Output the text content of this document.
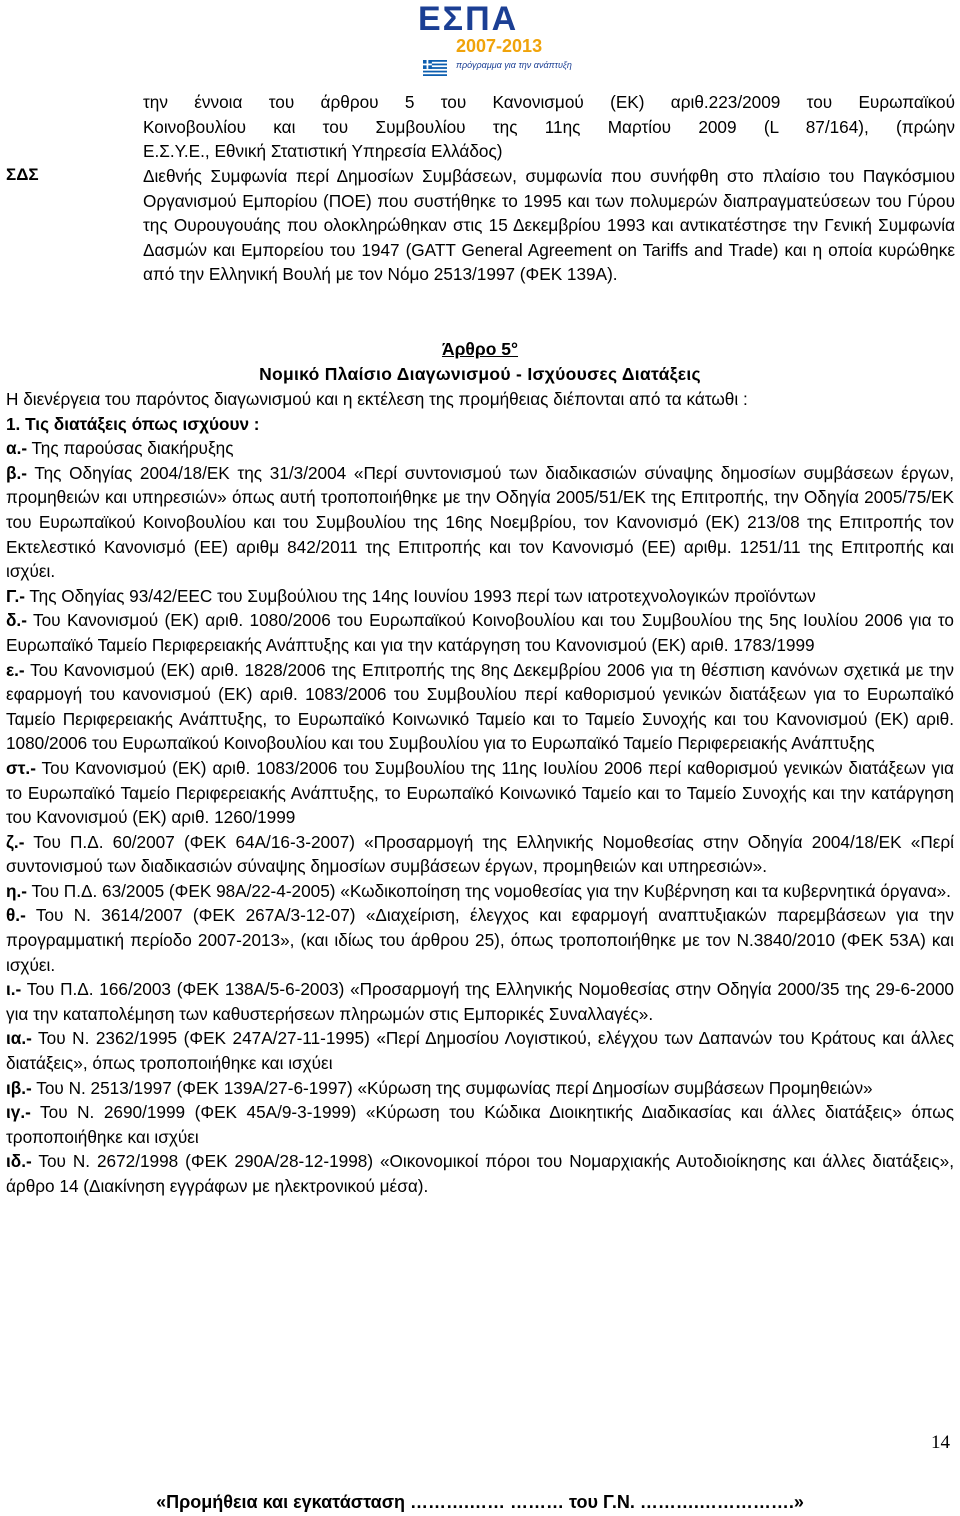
ΕΣΠΑ
2007-2013
πρόγραμμα για την ανάπτυξη
την έννοια του άρθρου 5 του Κανονισμού (ΕΚ) αριθ.223/2009 του Ευρωπαϊκού
Κοινοβουλίου και του Συμβουλίου της 11ης Μαρτίου 2009 (L 87/164), (πρώην
Ε.Σ.Υ.Ε., Εθνική Στατιστική Υπηρεσία Ελλάδος)
ΣΔΣ	Διεθνής Συμφωνία περί Δημοσίων Συμβάσεων, συμφωνία που συνήφθη στο πλαίσιο του Παγκόσμιου Οργανισμού Εμπορίου (ΠΟΕ) που συστήθηκε το 1995 και των πολυμερών διαπραγματεύσεων του Γύρου της Ουρουγουάης που ολοκληρώθηκαν στις 15 Δεκεμβρίου 1993 και αντικατέστησε την Γενική Συμφωνία Δασμών και Εμπορείου του 1947 (GATT General Agreement on Tariffs and Trade) και η οποία κυρώθηκε από την Ελληνική Βουλή με τον Νόμο 2513/1997 (ΦΕΚ 139Α).
Άρθρο 5°
Νομικό Πλαίσιο Διαγωνισμού - Ισχύουσες Διατάξεις
Η διενέργεια του παρόντος διαγωνισμού και η εκτέλεση της προμήθειας διέπονται από τα κάτωθι :
1. Τις διατάξεις όπως ισχύουν :
α.- Της παρούσας διακήρυξης
β.- Της Οδηγίας 2004/18/ΕΚ της 31/3/2004 «Περί συντονισμού των διαδικασιών σύναψης δημοσίων συμβάσεων έργων, προμηθειών και υπηρεσιών» όπως αυτή τροποποιήθηκε με την Οδηγία 2005/51/ΕΚ της Επιτροπής, την Οδηγία 2005/75/ΕΚ του Ευρωπαϊκού Κοινοβουλίου και του Συμβουλίου της 16ης Νοεμβρίου, τον Κανονισμό (ΕΚ) 213/08 της Επιτροπής τον Εκτελεστικό Κανονισμό (ΕΕ) αριθμ 842/2011 της Επιτροπής και τον Κανονισμό (ΕΕ) αριθμ. 1251/11 της Επιτροπής και ισχύει.
Γ.- Της Οδηγίας 93/42/ΕΕC του Συμβούλιου της 14ης Ιουνίου 1993 περί των ιατροτεχνολογικών προϊόντων
δ.- Του Κανονισμού (ΕΚ) αριθ. 1080/2006 του Ευρωπαϊκού Κοινοβουλίου και του Συμβουλίου της 5ης Ιουλίου 2006 για το Ευρωπαϊκό Ταμείο Περιφερειακής Ανάπτυξης και για την κατάργηση του Κανονισμού (ΕΚ) αριθ. 1783/1999
ε.- Του Κανονισμού (ΕΚ) αριθ. 1828/2006 της Επιτροπής της 8ης Δεκεμβρίου 2006 για τη θέσπιση κανόνων σχετικά με την εφαρμογή του κανονισμού (ΕΚ) αριθ. 1083/2006 του Συμβουλίου περί καθορισμού γενικών διατάξεων για το Ευρωπαϊκό Ταμείο Περιφερειακής Ανάπτυξης, το Ευρωπαϊκό Κοινωνικό Ταμείο και το Ταμείο Συνοχής και του Κανονισμού (ΕΚ) αριθ. 1080/2006 του Ευρωπαϊκού Κοινοβουλίου και του Συμβουλίου για το Ευρωπαϊκό Ταμείο Περιφερειακής Ανάπτυξης
στ.- Του Κανονισμού (ΕΚ) αριθ. 1083/2006 του Συμβουλίου της 11ης Ιουλίου 2006 περί καθορισμού γενικών διατάξεων για το Ευρωπαϊκό Ταμείο Περιφερειακής Ανάπτυξης, το Ευρωπαϊκό Κοινωνικό Ταμείο και το Ταμείο Συνοχής και την κατάργηση του Κανονισμού (ΕΚ) αριθ. 1260/1999
ζ.- Του Π.Δ. 60/2007 (ΦΕΚ 64Α/16-3-2007) «Προσαρμογή της Ελληνικής Νομοθεσίας στην Οδηγία 2004/18/ΕΚ «Περί συντονισμού των διαδικασιών σύναψης δημοσίων συμβάσεων έργων, προμηθειών και υπηρεσιών».
η.- Του Π.Δ. 63/2005 (ΦΕΚ 98Α/22-4-2005) «Κωδικοποίηση της νομοθεσίας για την Κυβέρνηση και τα κυβερνητικά όργανα».
θ.- Του Ν. 3614/2007 (ΦΕΚ 267Α/3-12-07) «Διαχείριση, έλεγχος και εφαρμογή αναπτυξιακών παρεμβάσεων για την προγραμματική περίοδο 2007-2013», (και ιδίως του άρθρου 25), όπως τροποποιήθηκε με τον Ν.3840/2010 (ΦΕΚ 53Α) και ισχύει.
ι.- Του Π.Δ. 166/2003 (ΦΕΚ 138Α/5-6-2003) «Προσαρμογή της Ελληνικής Νομοθεσίας στην Οδηγία 2000/35 της 29-6-2000 για την καταπολέμηση των καθυστερήσεων πληρωμών στις Εμπορικές Συναλλαγές».
ια.- Του Ν. 2362/1995 (ΦΕΚ 247Α/27-11-1995) «Περί Δημοσίου Λογιστικού, ελέγχου των Δαπανών του Κράτους και άλλες διατάξεις», όπως τροποποιήθηκε και ισχύει
ιβ.- Του Ν. 2513/1997 (ΦΕΚ 139Α/27-6-1997) «Κύρωση της συμφωνίας περί Δημοσίων συμβάσεων Προμηθειών»
ιγ.- Του Ν. 2690/1999 (ΦΕΚ 45Α/9-3-1999) «Κύρωση του Κώδικα Διοικητικής Διαδικασίας και άλλες διατάξεις» όπως τροποποιήθηκε και ισχύει
ιδ.- Του Ν. 2672/1998 (ΦΕΚ 290Α/28-12-1998) «Οικονομικοί πόροι του Νομαρχιακής Αυτοδιοίκησης και άλλες διατάξεις», άρθρο 14 (Διακίνηση εγγράφων με ηλεκτρονικού μέσα).
14
«Προμήθεια και εγκατάσταση ……….…… ……… του Γ.Ν. ……….…………….»
